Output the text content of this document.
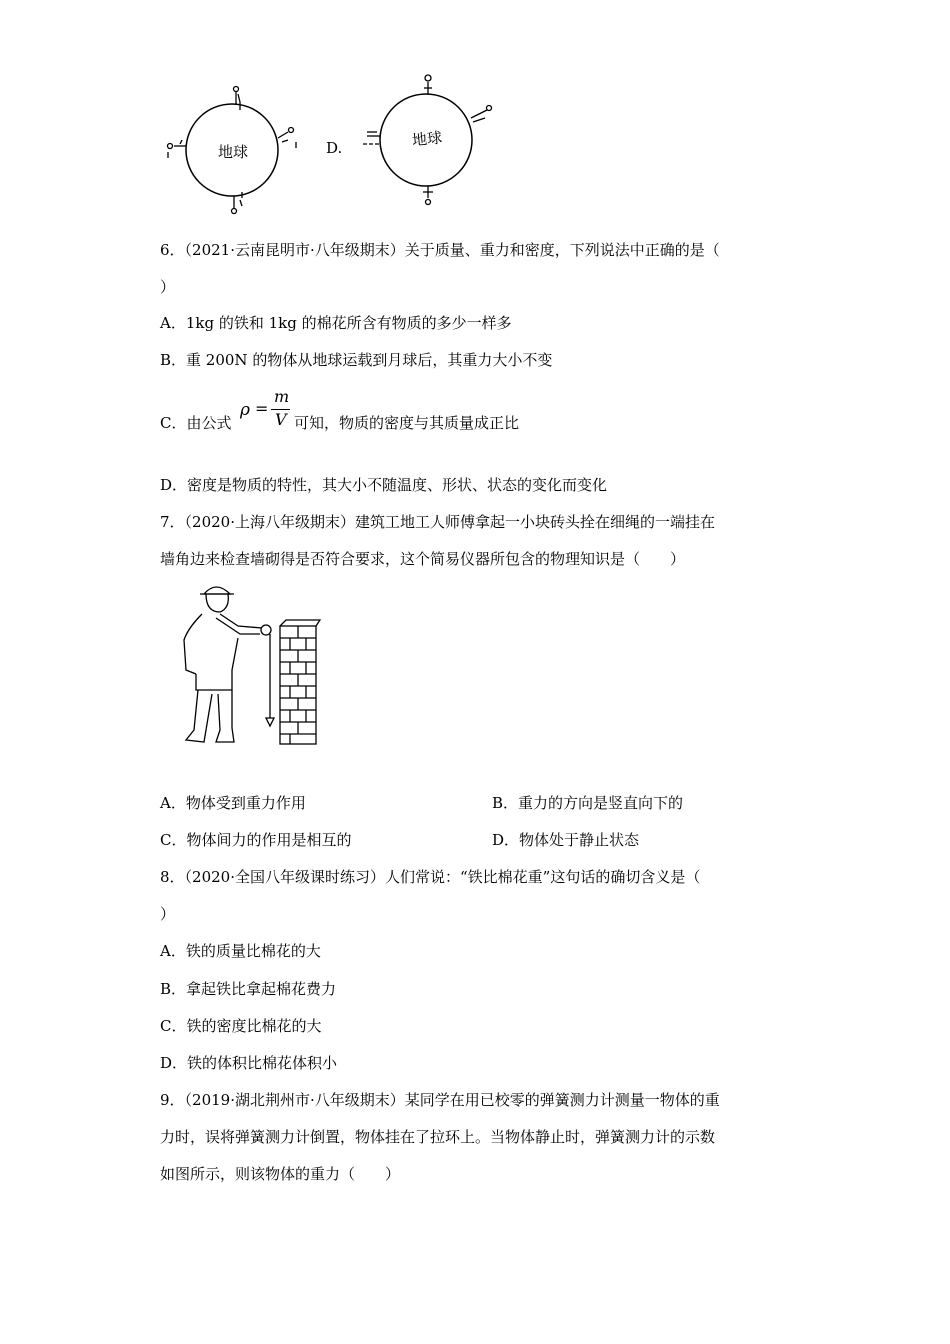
地球	D.	地球
6．（2021·云南昆明市·八年级期末）关于质量、重力和密度，下列说法中正确的是（
）
A．1kg 的铁和 1kg 的棉花所含有物质的多少一样多
B．重 200N 的物体从地球运载到月球后，其重力大小不变
C．由公式
ρ =
m
V 可知，物质的密度与其质量成正比
D．密度是物质的特性，其大小不随温度、形状、状态的变化而变化
7．（2020·上海八年级期末）建筑工地工人师傅拿起一小块砖头拴在细绳的一端挂在
墙角边来检查墙砌得是否符合要求，这个简易仪器所包含的物理知识是（　　）
A．物体受到重力作用	B．重力的方向是竖直向下的
C．物体间力的作用是相互的	D．物体处于静止状态
8．（2020·全国八年级课时练习）人们常说：“铁比棉花重”这句话的确切含义是（
）
A．铁的质量比棉花的大
B．拿起铁比拿起棉花费力
C．铁的密度比棉花的大
D．铁的体积比棉花体积小
9．（2019·湖北荆州市·八年级期末）某同学在用已校零的弹簧测力计测量一物体的重
力时，误将弹簧测力计倒置，物体挂在了拉环上。当物体静止时，弹簧测力计的示数
如图所示，则该物体的重力（　　）
